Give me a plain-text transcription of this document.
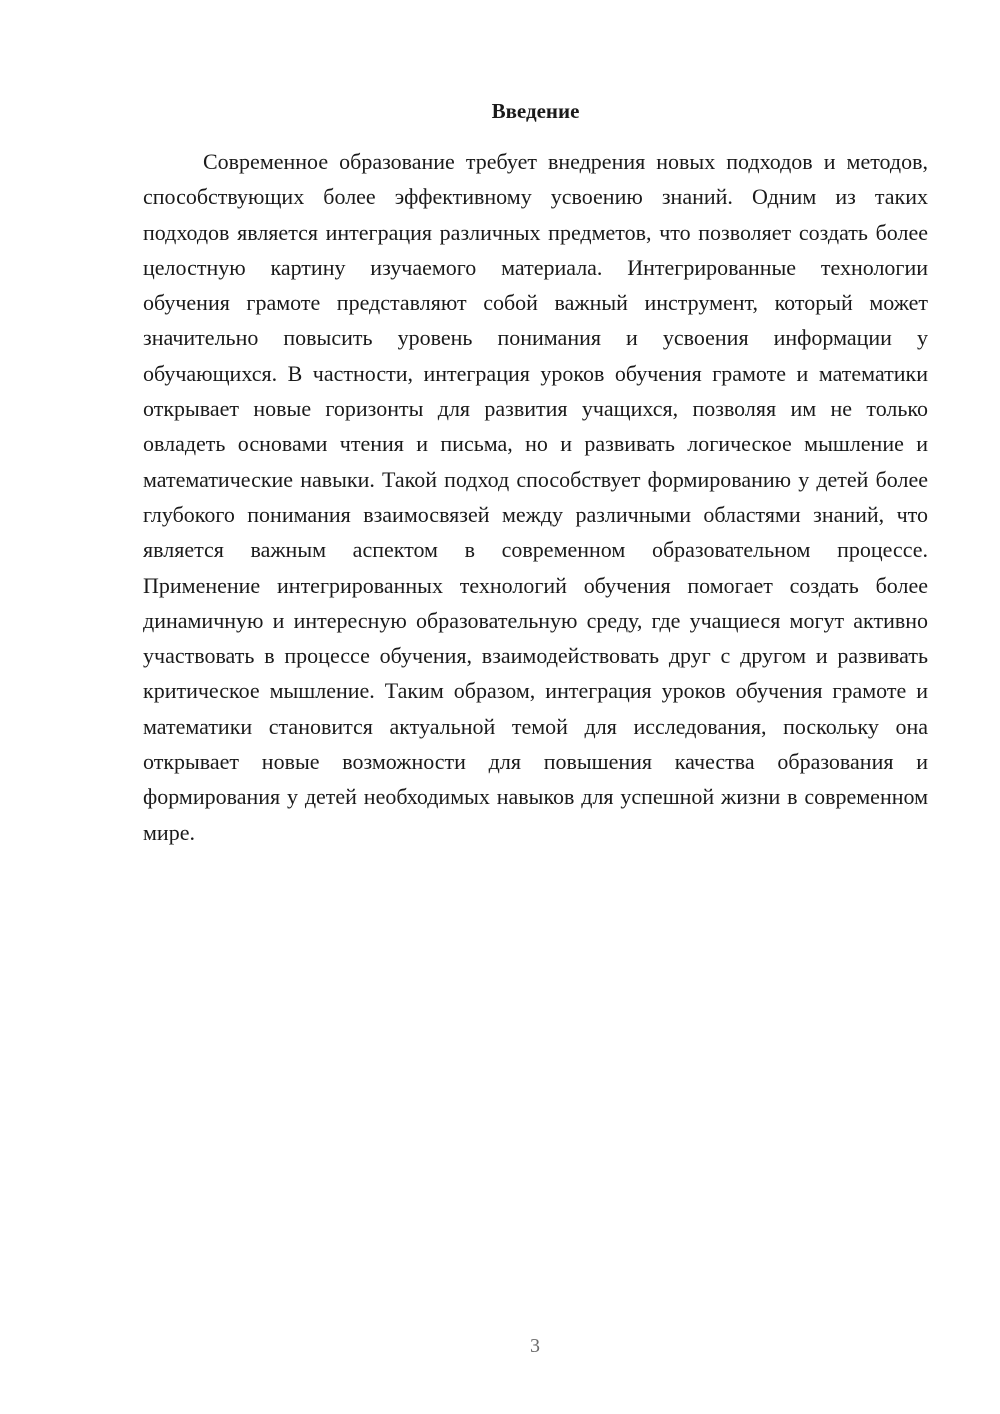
Введение

Современное образование требует внедрения новых подходов и методов, способствующих более эффективному усвоению знаний. Одним из таких подходов является интеграция различных предметов, что позволяет создать более целостную картину изучаемого материала. Интегрированные технологии обучения грамоте представляют собой важный инструмент, который может значительно повысить уровень понимания и усвоения информации у обучающихся. В частности, интеграция уроков обучения грамоте и математики открывает новые горизонты для развития учащихся, позволяя им не только овладеть основами чтения и письма, но и развивать логическое мышление и математические навыки. Такой подход способствует формированию у детей более глубокого понимания взаимосвязей между различными областями знаний, что является важным аспектом в современном образовательном процессе. Применение интегрированных технологий обучения помогает создать более динамичную и интересную образовательную среду, где учащиеся могут активно участвовать в процессе обучения, взаимодействовать друг с другом и развивать критическое мышление. Таким образом, интеграция уроков обучения грамоте и математики становится актуальной темой для исследования, поскольку она открывает новые возможности для повышения качества образования и формирования у детей необходимых навыков для успешной жизни в современном мире.

3
